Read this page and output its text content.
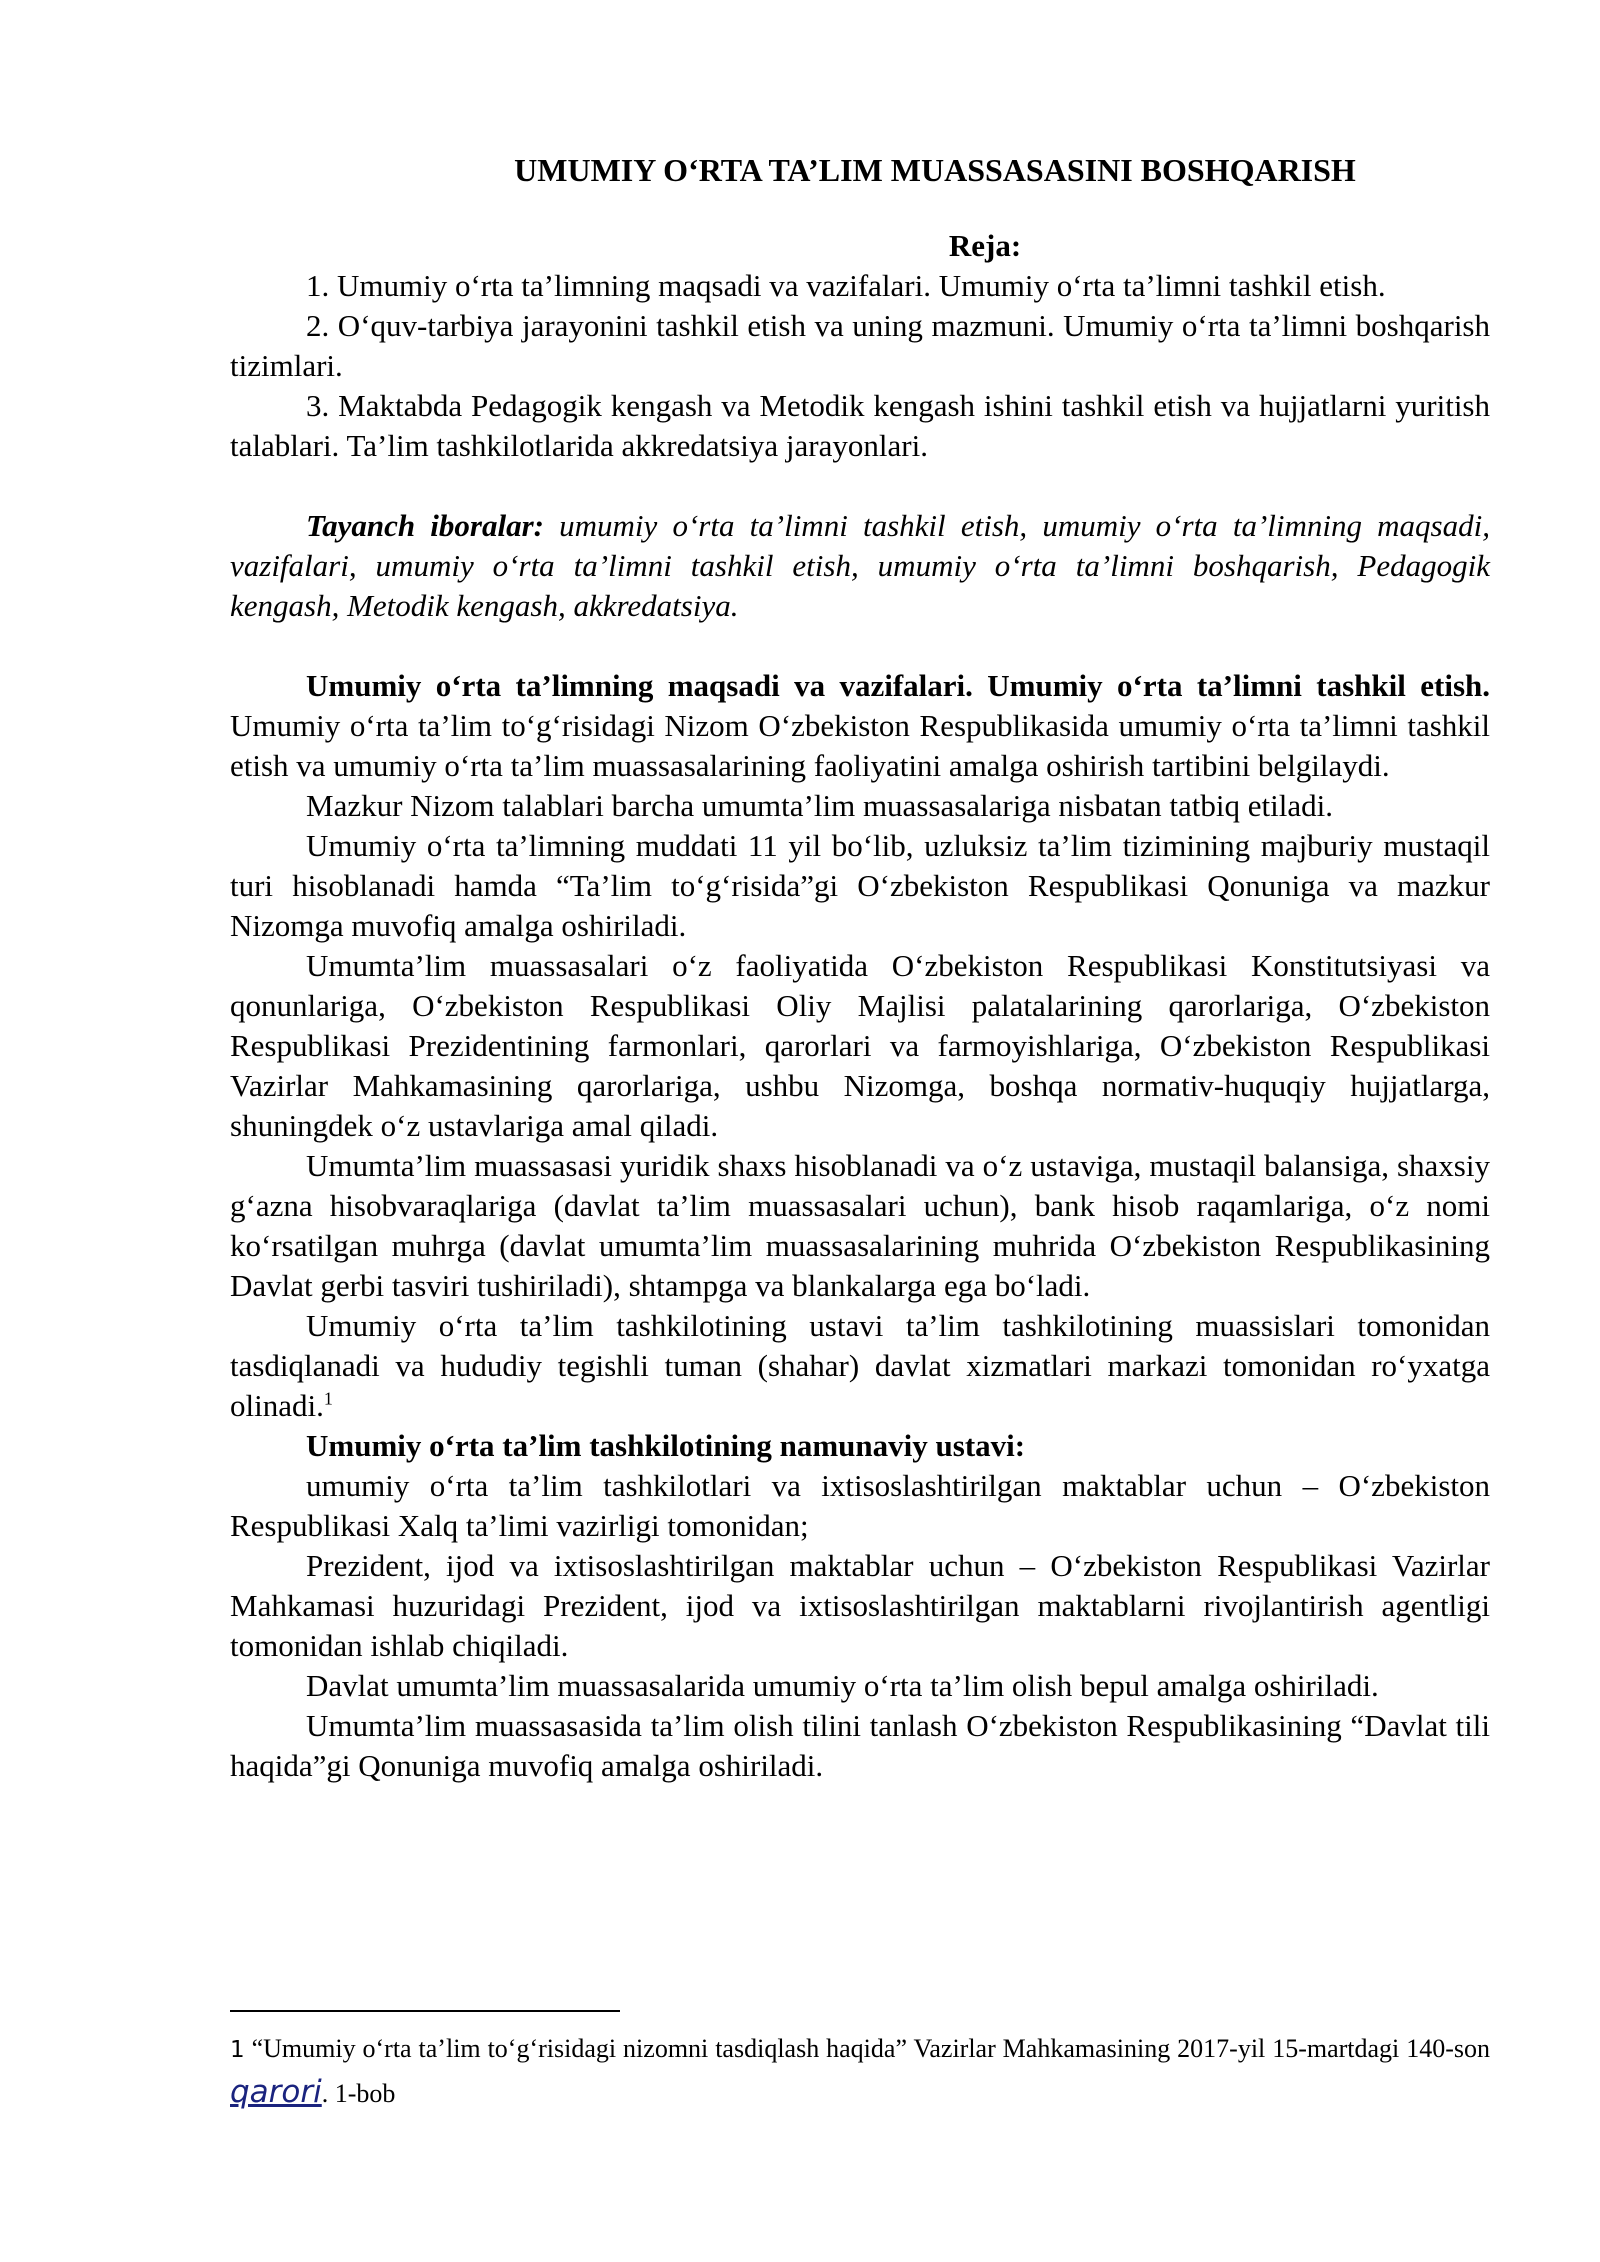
UMUMIY O‘RTA TA’LIM MUASSASASINI BOSHQARISH

Reja:

1. Umumiy o‘rta ta’limning maqsadi va vazifalari. Umumiy o‘rta ta’limni tashkil etish.

2. O‘quv-tarbiya jarayonini tashkil etish va uning mazmuni. Umumiy o‘rta ta’limni boshqarish tizimlari.

3. Maktabda Pedagogik kengash va Metodik kengash ishini tashkil etish va hujjatlarni yuritish talablari. Ta’lim tashkilotlarida akkredatsiya jarayonlari.

Tayanch iboralar: umumiy o‘rta ta’limni tashkil etish, umumiy o‘rta ta’limning maqsadi, vazifalari, umumiy o‘rta ta’limni tashkil etish, umumiy o‘rta ta’limni boshqarish, Pedagogik kengash, Metodik kengash, akkredatsiya.

Umumiy o‘rta ta’limning maqsadi va vazifalari. Umumiy o‘rta ta’limni tashkil etish. Umumiy o‘rta ta’lim to‘g‘risidagi Nizom O‘zbekiston Respublikasida umumiy o‘rta ta’limni tashkil etish va umumiy o‘rta ta’lim muassasalarining faoliyatini amalga oshirish tartibini belgilaydi.

Mazkur Nizom talablari barcha umumta’lim muassasalariga nisbatan tatbiq etiladi.

Umumiy o‘rta ta’limning muddati 11 yil bo‘lib, uzluksiz ta’lim tizimining majburiy mustaqil turi hisoblanadi hamda “Ta’lim to‘g‘risida”gi O‘zbekiston Respublikasi Qonuniga va mazkur Nizomga muvofiq amalga oshiriladi.

Umumta’lim muassasalari o‘z faoliyatida O‘zbekiston Respublikasi Konstitutsiyasi va qonunlariga, O‘zbekiston Respublikasi Oliy Majlisi palatalarining qarorlariga, O‘zbekiston Respublikasi Prezidentining farmonlari, qarorlari va farmoyishlariga, O‘zbekiston Respublikasi Vazirlar Mahkamasining qarorlariga, ushbu Nizomga, boshqa normativ-huquqiy hujjatlarga, shuningdek o‘z ustavlariga amal qiladi.

Umumta’lim muassasasi yuridik shaxs hisoblanadi va o‘z ustaviga, mustaqil balansiga, shaxsiy g‘azna hisobvaraqlariga (davlat ta’lim muassasalari uchun), bank hisob raqamlariga, o‘z nomi ko‘rsatilgan muhrga (davlat umumta’lim muassasalarining muhrida O‘zbekiston Respublikasining Davlat gerbi tasviri tushiriladi), shtampga va blankalarga ega bo‘ladi.

Umumiy o‘rta ta’lim tashkilotining ustavi ta’lim tashkilotining muassislari tomonidan tasdiqlanadi va hududiy tegishli tuman (shahar) davlat xizmatlari markazi tomonidan ro‘yxatga olinadi.$^1$

Umumiy o‘rta ta’lim tashkilotining namunaviy ustavi:

umumiy o‘rta ta’lim tashkilotlari va ixtisoslashtirilgan maktablar uchun – O‘zbekiston Respublikasi Xalq ta’limi vazirligi tomonidan;

Prezident, ijod va ixtisoslashtirilgan maktablar uchun – O‘zbekiston Respublikasi Vazirlar Mahkamasi huzuridagi Prezident, ijod va ixtisoslashtirilgan maktablarni rivojlantirish agentligi tomonidan ishlab chiqiladi.

Davlat umumta’lim muassasalarida umumiy o‘rta ta’lim olish bepul amalga oshiriladi.

Umumta’lim muassasasida ta’lim olish tilini tanlash O‘zbekiston Respublikasining “Davlat tili haqida”gi Qonuniga muvofiq amalga oshiriladi.

1 “Umumiy o‘rta ta’lim to‘g‘risidagi nizomni tasdiqlash haqida” Vazirlar Mahkamasining 2017-yil 15-martdagi 140-son qarori. 1-bob
